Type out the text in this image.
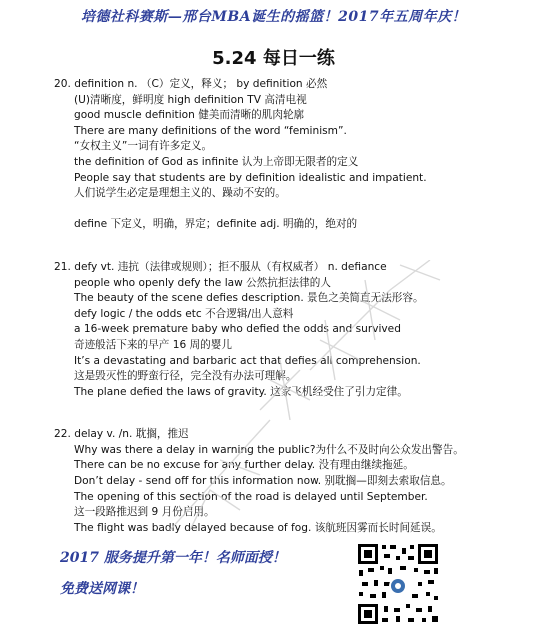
培德社科赛斯—邢台MBA诞生的摇篮！2017年五周年庆！
5.24 每日一练
20. definition n. （C）定义，释义； by definition 必然
(U)清晰度，鲜明度 high definition TV 高清电视
good muscle definition 健美而清晰的肌肉轮廓
There are many definitions of the word “feminism”.
“女权主义”一词有许多定义。
the definition of God as infinite 认为上帝即无限者的定义
People say that students are by definition idealistic and impatient.
人们说学生必定是理想主义的、躁动不安的。
define 下定义，明确，界定；definite adj. 明确的，绝对的
21. defy vt. 违抗（法律或规则）；拒不服从（有权威者） n. defiance
people who openly defy the law 公然抗拒法律的人
The beauty of the scene defies description. 景色之美简直无法形容。
defy logic / the odds etc 不合逻辑/出人意料
a 16-week premature baby who defied the odds and survived
奇迹般活下来的早产 16 周的婴儿
It’s a devastating and barbaric act that defies all comprehension.
这是毁灭性的野蛮行径，完全没有办法可理解。
The plane defied the laws of gravity. 这家飞机经受住了引力定律。
22. delay v. /n. 耽搁，推迟
Why was there a delay in warning the public?为什么不及时向公众发出警告。
There can be no excuse for any further delay. 没有理由继续拖延。
Don’t delay - send off for this information now. 别耽搁—即刻去索取信息。
The opening of this section of the road is delayed until September.
这一段路推迟到 9 月份启用。
The flight was badly delayed because of fog. 该航班因雾而长时间延误。
2017 服务提升第一年！名师面授！
免费送网课！
